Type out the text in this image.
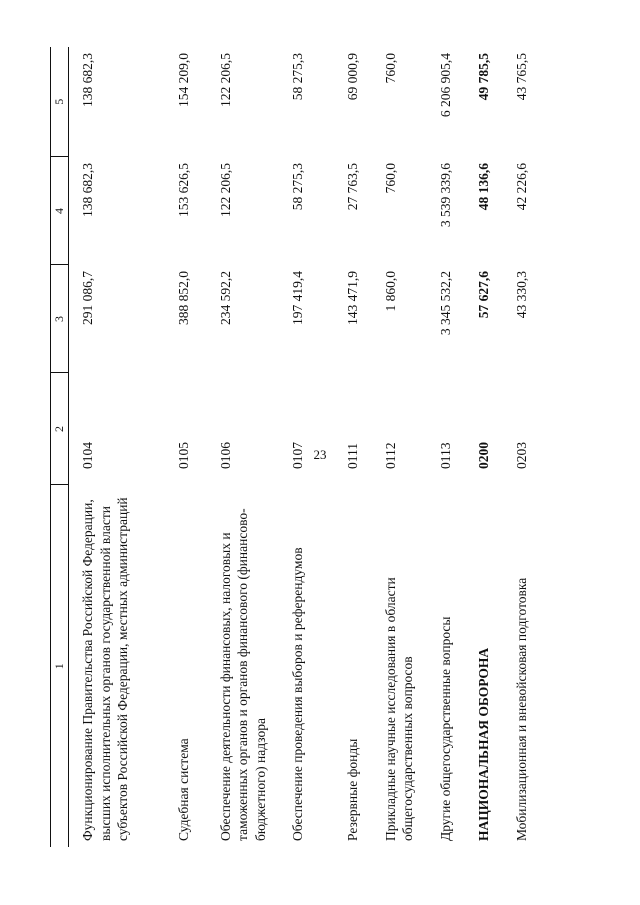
23
1	2	3	4	5
Функционирование Правительства Российской Федерации, высших исполнительных органов государственной власти субъектов Российской Федерации, местных администраций	0104	291 086,7	138 682,3	138 682,3
Судебная система	0105	388 852,0	153 626,5	154 209,0
Обеспечение деятельности финансовых, налоговых и таможенных органов и органов финансового (финансово-бюджетного) надзора	0106	234 592,2	122 206,5	122 206,5
Обеспечение проведения выборов и референдумов	0107	197 419,4	58 275,3	58 275,3
Резервные фонды	0111	143 471,9	27 763,5	69 000,9
Прикладные научные исследования в области общегосударственных вопросов	0112	1 860,0	760,0	760,0
Другие общегосударственные вопросы	0113	3 345 532,2	3 539 339,6	6 206 905,4
НАЦИОНАЛЬНАЯ ОБОРОНА	0200	57 627,6	48 136,6	49 785,5
Мобилизационная и вневойсковая подготовка	0203	43 330,3	42 226,6	43 765,5
